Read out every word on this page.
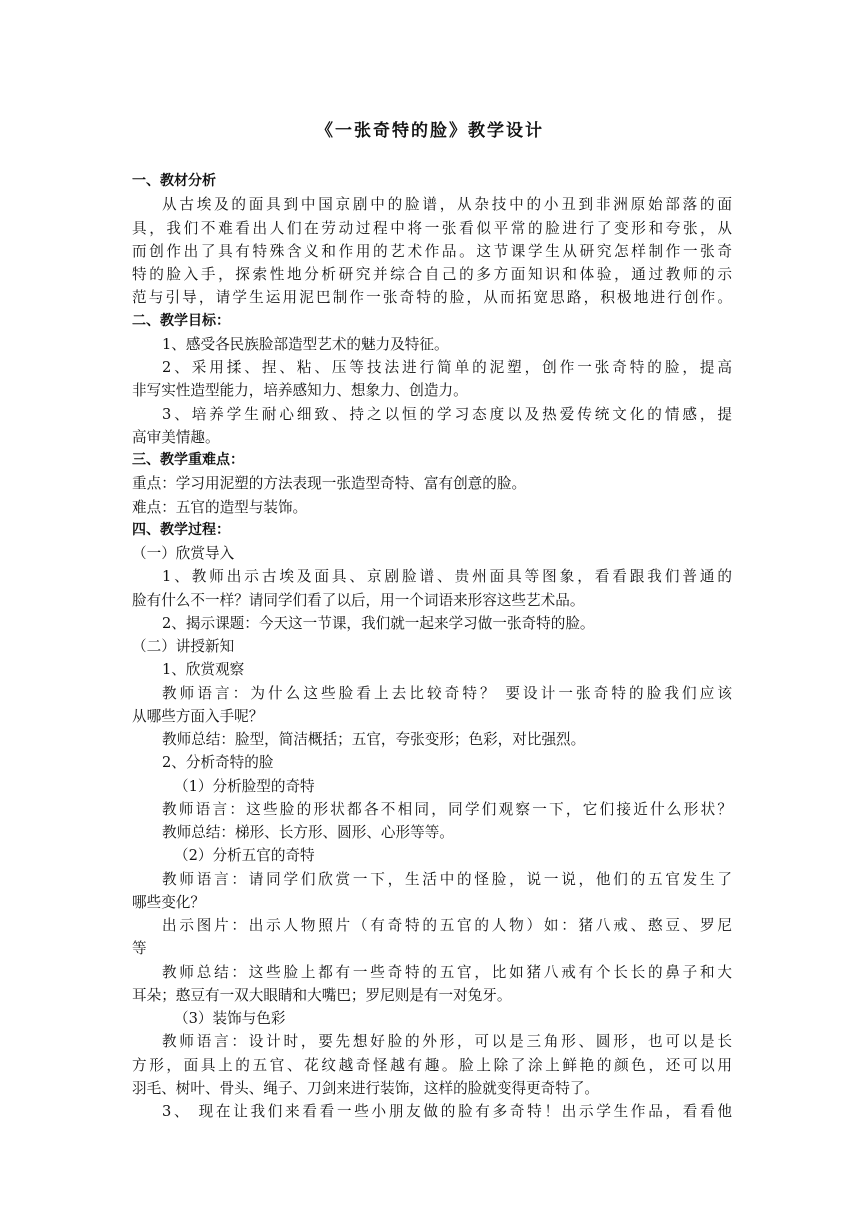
《一张奇特的脸》教学设计
一、教材分析
从古埃及的面具到中国京剧中的脸谱，从杂技中的小丑到非洲原始部落的面
具，我们不难看出人们在劳动过程中将一张看似平常的脸进行了变形和夸张，从
而创作出了具有特殊含义和作用的艺术作品。这节课学生从研究怎样制作一张奇
特的脸入手，探索性地分析研究并综合自己的多方面知识和体验，通过教师的示
范与引导，请学生运用泥巴制作一张奇特的脸，从而拓宽思路，积极地进行创作。
二、教学目标：
1、感受各民族脸部造型艺术的魅力及特征。
2、采用揉、捏、粘、压等技法进行简单的泥塑，创作一张奇特的脸，提高
非写实性造型能力，培养感知力、想象力、创造力。
3、培养学生耐心细致、持之以恒的学习态度以及热爱传统文化的情感，提
高审美情趣。
三、教学重难点：
重点：学习用泥塑的方法表现一张造型奇特、富有创意的脸。
难点：五官的造型与装饰。
四、教学过程：
（一）欣赏导入
1、教师出示古埃及面具、京剧脸谱、贵州面具等图象，看看跟我们普通的
脸有什么不一样？请同学们看了以后，用一个词语来形容这些艺术品。
2、揭示课题：今天这一节课，我们就一起来学习做一张奇特的脸。
（二）讲授新知
1、欣赏观察
教师语言：为什么这些脸看上去比较奇特？ 要设计一张奇特的脸我们应该
从哪些方面入手呢？
教师总结：脸型，简洁概括；五官，夸张变形；色彩，对比强烈。
2、分析奇特的脸
（1）分析脸型的奇特
教师语言：这些脸的形状都各不相同，同学们观察一下，它们接近什么形状？
教师总结：梯形、长方形、圆形、心形等等。
（2）分析五官的奇特
教师语言：请同学们欣赏一下，生活中的怪脸，说一说，他们的五官发生了
哪些变化？
出示图片：出示人物照片（有奇特的五官的人物）如：猪八戒、憨豆、罗尼
等
教师总结：这些脸上都有一些奇特的五官，比如猪八戒有个长长的鼻子和大
耳朵；憨豆有一双大眼睛和大嘴巴；罗尼则是有一对兔牙。
（3）装饰与色彩
教师语言：设计时，要先想好脸的外形，可以是三角形、圆形，也可以是长
方形，面具上的五官、花纹越奇怪越有趣。脸上除了涂上鲜艳的颜色，还可以用
羽毛、树叶、骨头、绳子、刀剑来进行装饰，这样的脸就变得更奇特了。
3、 现在让我们来看看一些小朋友做的脸有多奇特！出示学生作品，看看他
